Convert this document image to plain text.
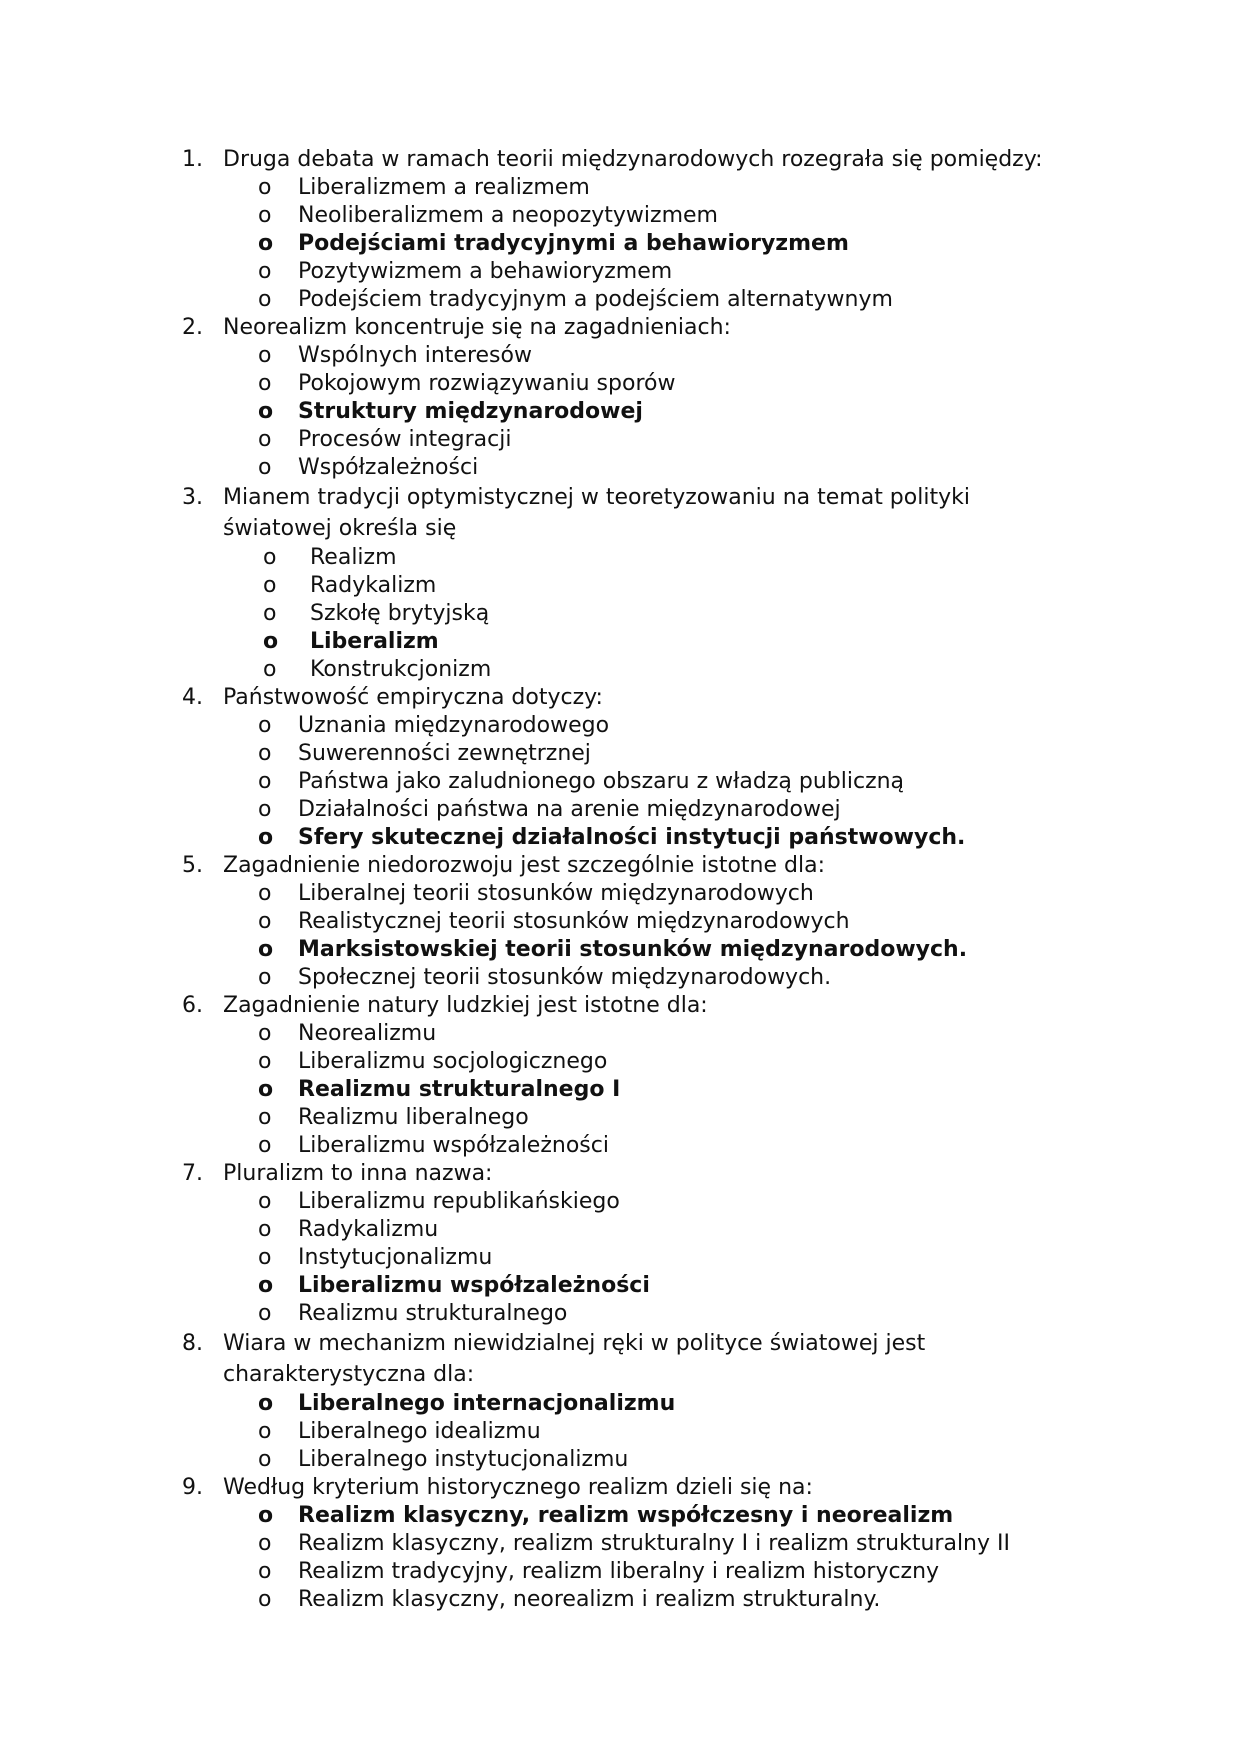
1. Druga debata w ramach teorii międzynarodowych rozegrała się pomiędzy:
o Liberalizmem a realizmem
o Neoliberalizmem a neopozytywizmem
o Podejściami tradycyjnymi a behawioryzmem
o Pozytywizmem a behawioryzmem
o Podejściem tradycyjnym a podejściem alternatywnym
2. Neorealizm koncentruje się na zagadnieniach:
o Wspólnych interesów
o Pokojowym rozwiązywaniu sporów
o Struktury międzynarodowej
o Procesów integracji
o Współzależności
3. Mianem tradycji optymistycznej w teoretyzowaniu na temat polityki światowej określa się
o Realizm
o Radykalizm
o Szkołę brytyjską
o Liberalizm
o Konstrukcjonizm
4. Państwowość empiryczna dotyczy:
o Uznania międzynarodowego
o Suwerenności zewnętrznej
o Państwa jako zaludnionego obszaru z władzą publiczną
o Działalności państwa na arenie międzynarodowej
o Sfery skutecznej działalności instytucji państwowych.
5. Zagadnienie niedorozwoju jest szczególnie istotne dla:
o Liberalnej teorii stosunków międzynarodowych
o Realistycznej teorii stosunków międzynarodowych
o Marksistowskiej teorii stosunków międzynarodowych.
o Społecznej teorii stosunków międzynarodowych.
6. Zagadnienie natury ludzkiej jest istotne dla:
o Neorealizmu
o Liberalizmu socjologicznego
o Realizmu strukturalnego I
o Realizmu liberalnego
o Liberalizmu współzależności
7. Pluralizm to inna nazwa:
o Liberalizmu republikańskiego
o Radykalizmu
o Instytucjonalizmu
o Liberalizmu współzależności
o Realizmu strukturalnego
8. Wiara w mechanizm niewidzialnej ręki w polityce światowej jest charakterystyczna dla:
o Liberalnego internacjonalizmu
o Liberalnego idealizmu
o Liberalnego instytucjonalizmu
9. Według kryterium historycznego realizm dzieli się na:
o Realizm klasyczny, realizm współczesny i neorealizm
o Realizm klasyczny, realizm strukturalny I i realizm strukturalny II
o Realizm tradycyjny, realizm liberalny i realizm historyczny
o Realizm klasyczny, neorealizm i realizm strukturalny.
